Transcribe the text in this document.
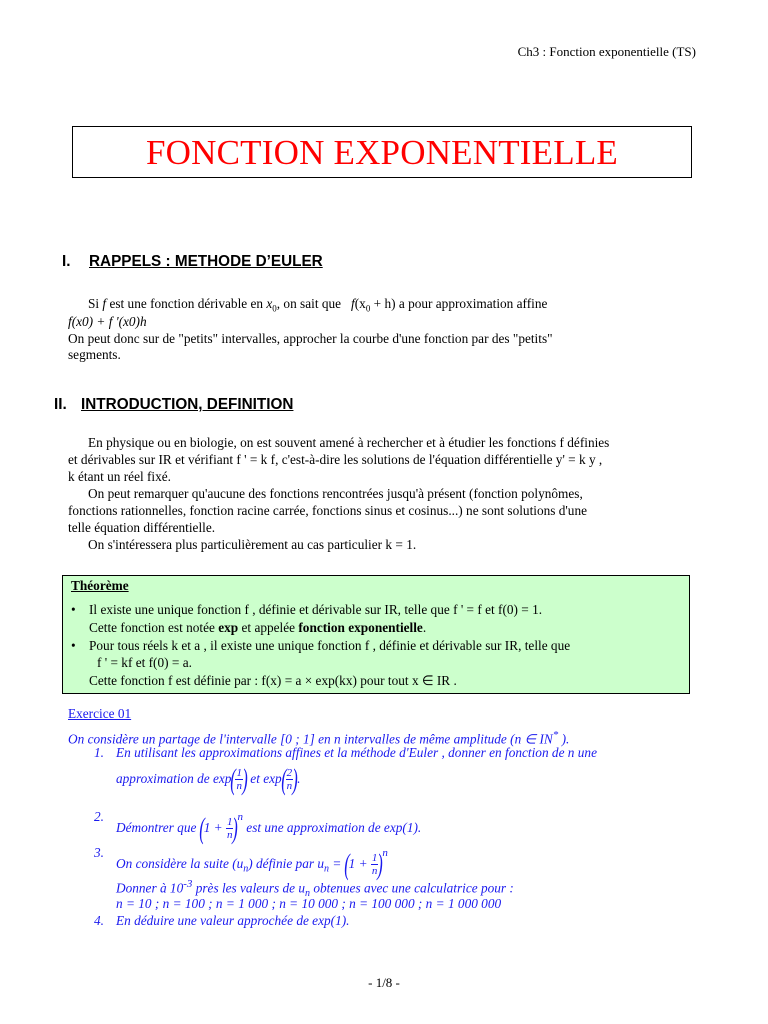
Ch3 : Fonction exponentielle (TS)
FONCTION EXPONENTIELLE
I. RAPPELS : METHODE D’EULER
Si f est une fonction dérivable en $x_0$, on sait que   $f(x_0 + h)$ a pour approximation affine
f(x0) + f '(x0)h
On peut donc sur de "petits" intervalles, approcher la courbe d'une fonction par des "petits"
segments.
II. INTRODUCTION, DEFINITION
En physique ou en biologie, on est souvent amené à rechercher et à étudier les fonctions f définies
et dérivables sur IR et vérifiant f ' = k f, c'est-à-dire les solutions de l'équation différentielle y' = k y ,
k étant un réel fixé.
On peut remarquer qu'aucune des fonctions rencontrées jusqu'à présent (fonction polynômes,
fonctions rationnelles, fonction racine carrée, fonctions sinus et cosinus...) ne sont solutions d'une
telle équation différentielle.
On s'intéressera plus particulièrement au cas particulier k = 1.
Théorème
• Il existe une unique fonction f , définie et dérivable sur IR, telle que f ' = f et f(0) = 1.
Cette fonction est notée exp et appelée fonction exponentielle.
• Pour tous réels k et a , il existe une unique fonction f , définie et dérivable sur IR, telle que
f ' = kf et f(0) = a.
Cette fonction f est définie par : f(x) = a × exp(kx) pour tout x ∈ IR .
Exercice 01
On considère un partage de l'intervalle [0 ; 1] en n intervalles de même amplitude (n ∈ IN* ).
1. En utilisant les approximations affines et la méthode d'Euler , donner en fonction de n une
approximation de $\exp( \frac{1}{n}$ ) et $\exp( \frac{2}{n}$ ).
2.
Démontrer que $(1 + \frac{1}{n} )^n$ est une approximation de exp(1).
3.
On considère la suite $(u_n)$ définie par $u_n = (1 + \frac{1}{n} )^n$
Donner à $10^{-3}$ près les valeurs de $u_n$ obtenues avec une calculatrice pour :
n = 10 ; n = 100 ; n = 1 000 ; n = 10 000 ; n = 100 000 ; n = 1 000 000
4. En déduire une valeur approchée de exp(1).
- 1/8 -
